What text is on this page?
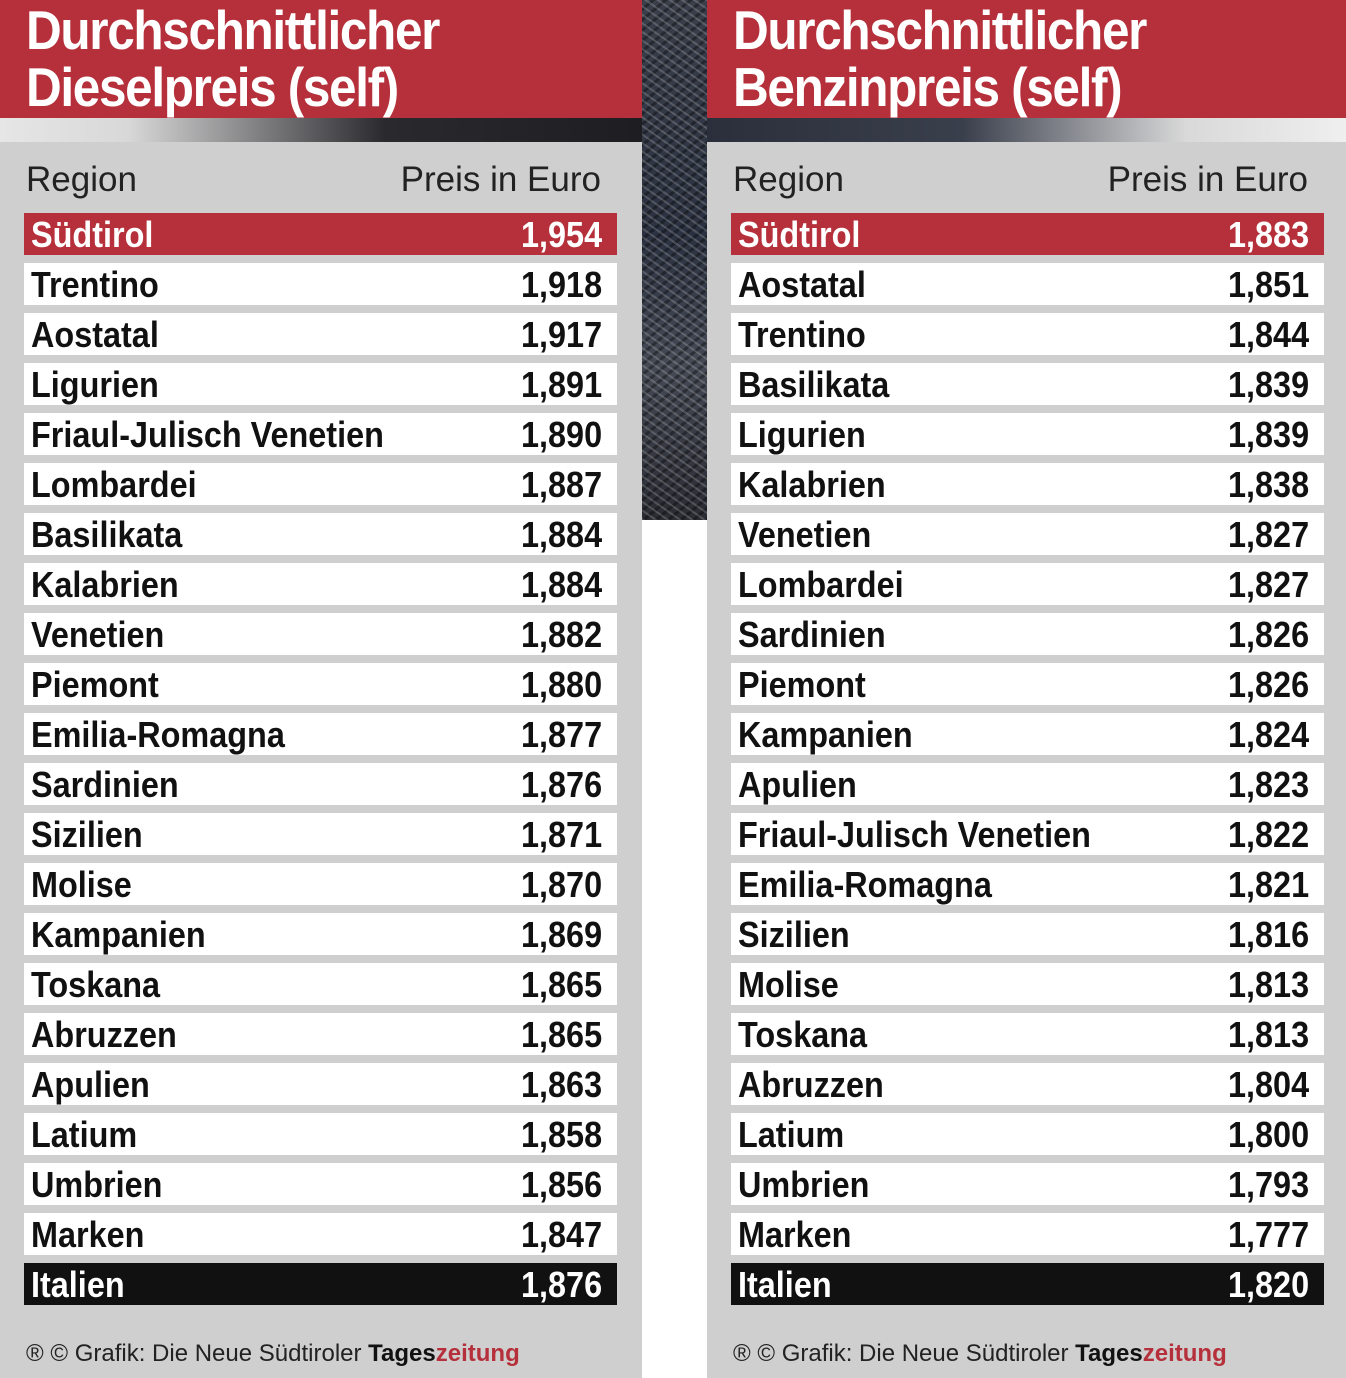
Durchschnittlicher
Dieselpreis (self)
Region	Preis in Euro
Südtirol	1,954
Trentino	1,918
Aostatal	1,917
Ligurien	1,891
Friaul-Julisch Venetien	1,890
Lombardei	1,887
Basilikata	1,884
Kalabrien	1,884
Venetien	1,882
Piemont	1,880
Emilia-Romagna	1,877
Sardinien	1,876
Sizilien	1,871
Molise	1,870
Kampanien	1,869
Toskana	1,865
Abruzzen	1,865
Apulien	1,863
Latium	1,858
Umbrien	1,856
Marken	1,847
Italien	1,876
® © Grafik: Die Neue Südtiroler Tageszeitung
Durchschnittlicher
Benzinpreis (self)
Region	Preis in Euro
Südtirol	1,883
Aostatal	1,851
Trentino	1,844
Basilikata	1,839
Ligurien	1,839
Kalabrien	1,838
Venetien	1,827
Lombardei	1,827
Sardinien	1,826
Piemont	1,826
Kampanien	1,824
Apulien	1,823
Friaul-Julisch Venetien	1,822
Emilia-Romagna	1,821
Sizilien	1,816
Molise	1,813
Toskana	1,813
Abruzzen	1,804
Latium	1,800
Umbrien	1,793
Marken	1,777
Italien	1,820
® © Grafik: Die Neue Südtiroler Tageszeitung
